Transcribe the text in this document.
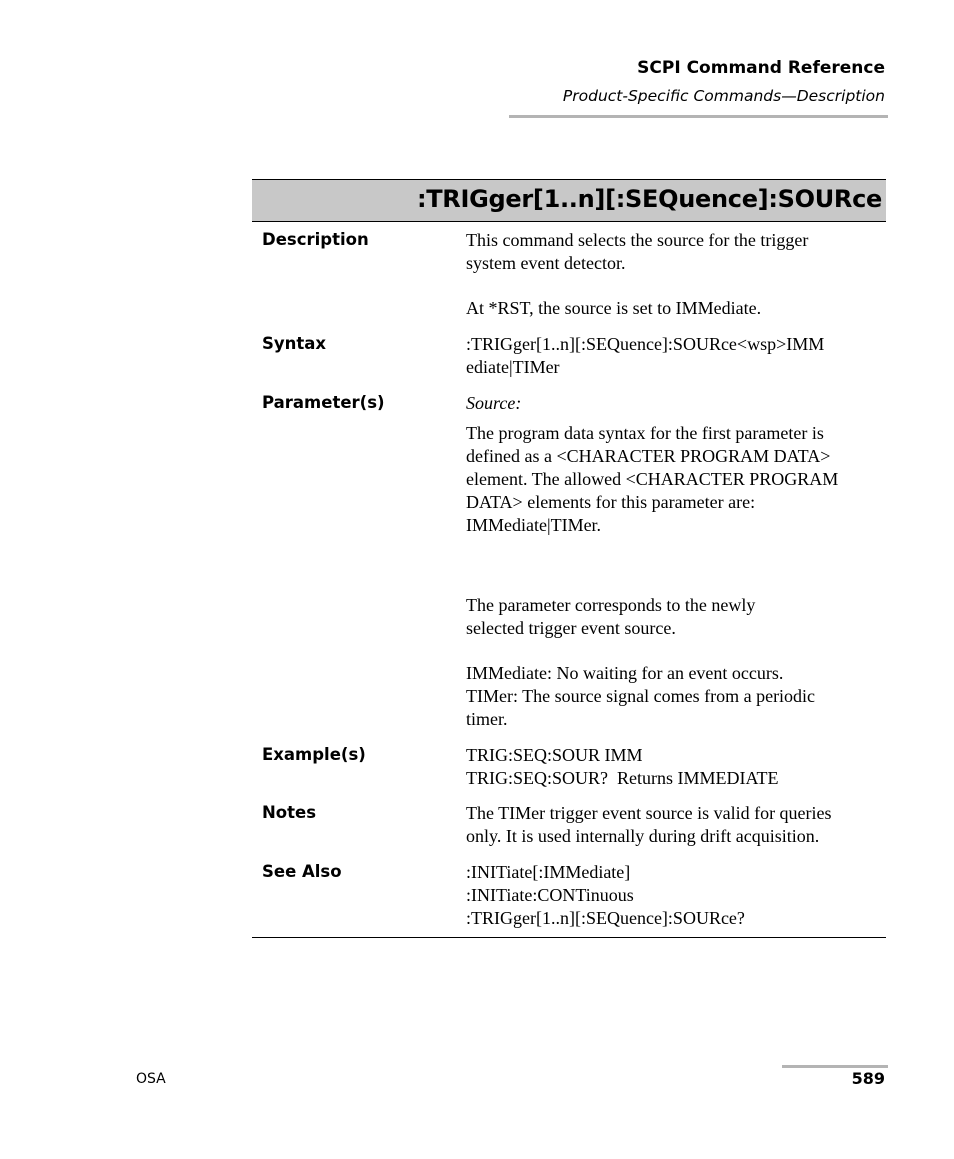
SCPI Command Reference
Product-Specific Commands—Description
:TRIGger[1..n][:SEQuence]:SOURce
Description	This command selects the source for the trigger
system event detector.
At *RST, the source is set to IMMediate.
Syntax	:TRIGger[1..n][:SEQuence]:SOURce<wsp>IMM
ediate|TIMer
Parameter(s)	Source:
The program data syntax for the first parameter is
defined as a <CHARACTER PROGRAM DATA>
element. The allowed <CHARACTER PROGRAM
DATA> elements for this parameter are:
IMMediate|TIMer.
The parameter corresponds to the newly
selected trigger event source.
IMMediate: No waiting for an event occurs.
TIMer: The source signal comes from a periodic
timer.
Example(s)	TRIG:SEQ:SOUR IMM
TRIG:SEQ:SOUR?  Returns IMMEDIATE
Notes	The TIMer trigger event source is valid for queries
only. It is used internally during drift acquisition.
See Also	:INITiate[:IMMediate]
:INITiate:CONTinuous
:TRIGger[1..n][:SEQuence]:SOURce?
OSA	589
